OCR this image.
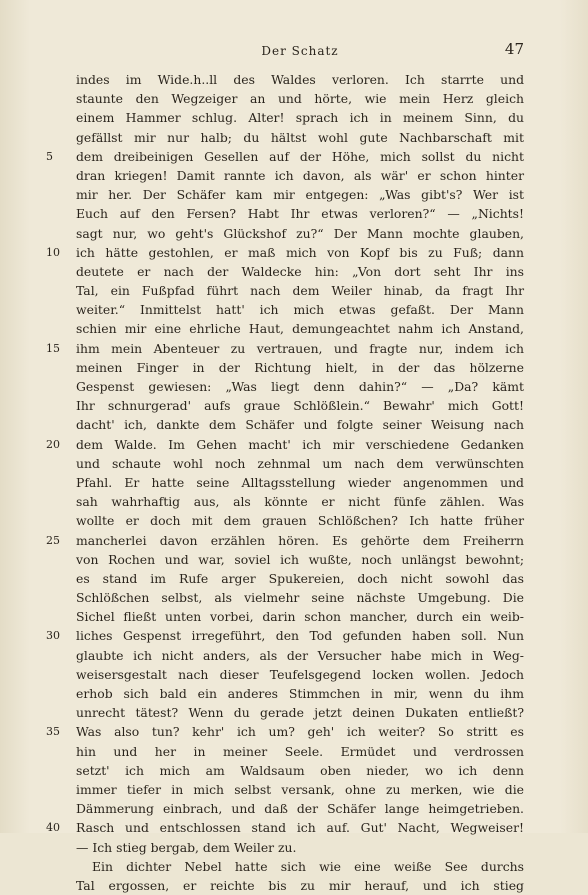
Der Schatz	47
indes im Wide.h..ll des Waldes verloren. Ich starrte und
staunte den Wegzeiger an und hörte, wie mein Herz gleich
einem Hammer schlug. Alter! sprach ich in meinem Sinn, du
gefällst mir nur halb; du hältst wohl gute Nachbarschaft mit
5	dem dreibeinigen Gesellen auf der Höhe, mich sollst du nicht
dran kriegen! Damit rannte ich davon, als wär' er schon hinter
mir her. Der Schäfer kam mir entgegen: „Was gibt's? Wer ist
Euch auf den Fersen? Habt Ihr etwas verloren?“ — „Nichts!
sagt nur, wo geht's Glückshof zu?“ Der Mann mochte glauben,
10	ich hätte gestohlen, er maß mich von Kopf bis zu Fuß; dann
deutete er nach der Waldecke hin: „Von dort seht Ihr ins
Tal, ein Fußpfad führt nach dem Weiler hinab, da fragt Ihr
weiter.“ Inmittelst hatt' ich mich etwas gefaßt. Der Mann
schien mir eine ehrliche Haut, demungeachtet nahm ich Anstand,
15	ihm mein Abenteuer zu vertrauen, und fragte nur, indem ich
meinen Finger in der Richtung hielt, in der das hölzerne
Gespenst gewiesen: „Was liegt denn dahin?“ — „Da? kämt
Ihr schnurgerad' aufs graue Schlößlein.“ Bewahr' mich Gott!
dacht' ich, dankte dem Schäfer und folgte seiner Weisung nach
20	dem Walde. Im Gehen macht' ich mir verschiedene Gedanken
und schaute wohl noch zehnmal um nach dem verwünschten
Pfahl. Er hatte seine Alltagsstellung wieder angenommen und
sah wahrhaftig aus, als könnte er nicht fünfe zählen. Was
wollte er doch mit dem grauen Schlößchen? Ich hatte früher
25	mancherlei davon erzählen hören. Es gehörte dem Freiherrn
von Rochen und war, soviel ich wußte, noch unlängst bewohnt;
es stand im Rufe arger Spukereien, doch nicht sowohl das
Schlößchen selbst, als vielmehr seine nächste Umgebung. Die
Sichel fließt unten vorbei, darin schon mancher, durch ein weib-
30	liches Gespenst irregeführt, den Tod gefunden haben soll. Nun
glaubte ich nicht anders, als der Versucher habe mich in Weg-
weisersgestalt nach dieser Teufelsgegend locken wollen. Jedoch
erhob sich bald ein anderes Stimmchen in mir, wenn du ihm
unrecht tätest? Wenn du gerade jetzt deinen Dukaten entließt?
35	Was also tun? kehr' ich um? geh' ich weiter? So stritt es
hin und her in meiner Seele. Ermüdet und verdrossen
setzt' ich mich am Waldsaum oben nieder, wo ich denn
immer tiefer in mich selbst versank, ohne zu merken, wie die
Dämmerung einbrach, und daß der Schäfer lange heimgetrieben.
40	Rasch und entschlossen stand ich auf. Gut' Nacht, Wegweiser!
— Ich stieg bergab, dem Weiler zu.
Ein dichter Nebel hatte sich wie eine weiße See durchs
Tal ergossen, er reichte bis zu mir herauf, und ich stieg
